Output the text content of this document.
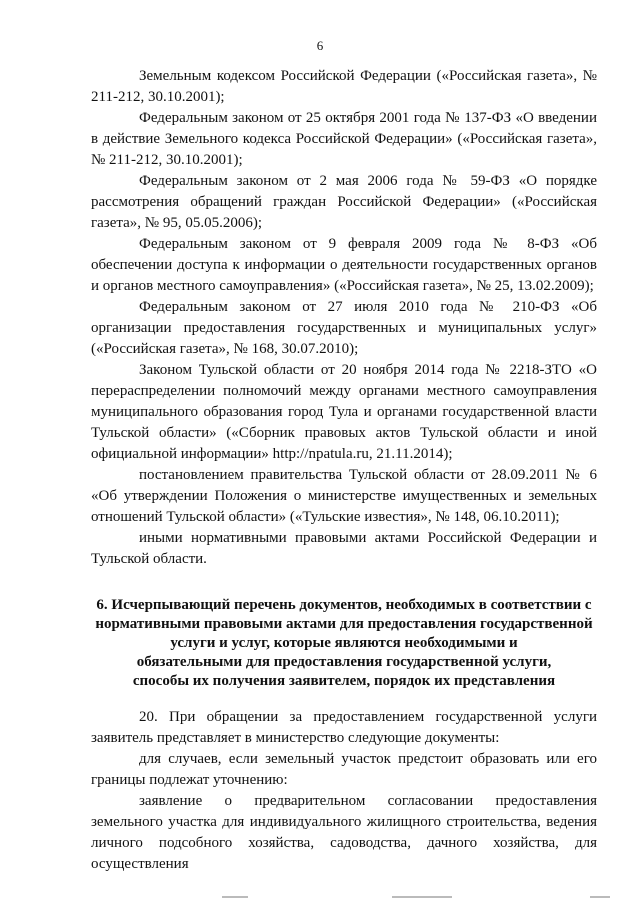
6

Земельным кодексом Российской Федерации («Российская газета», № 211-212, 30.10.2001);

Федеральным законом от 25 октября 2001 года № 137-ФЗ «О введении в действие Земельного кодекса Российской Федерации» («Российская газета», № 211-212, 30.10.2001);

Федеральным законом от 2 мая 2006 года № 59-ФЗ «О порядке рассмотрения обращений граждан Российской Федерации» («Российская газета», № 95, 05.05.2006);

Федеральным законом от 9 февраля 2009 года № 8-ФЗ «Об обеспечении доступа к информации о деятельности государственных органов и органов местного самоуправления» («Российская газета», № 25, 13.02.2009);

Федеральным законом от 27 июля 2010 года № 210-ФЗ «Об организации предоставления государственных и муниципальных услуг» («Российская газета», № 168, 30.07.2010);

Законом Тульской области от 20 ноября 2014 года № 2218-ЗТО «О перераспределении полномочий между органами местного самоуправления муниципального образования город Тула и органами государственной власти Тульской области» («Сборник правовых актов Тульской области и иной официальной информации» http://npatula.ru, 21.11.2014);

постановлением правительства Тульской области от 28.09.2011 № 6 «Об утверждении Положения о министерстве имущественных и земельных отношений Тульской области» («Тульские известия», № 148, 06.10.2011);

иными нормативными правовыми актами Российской Федерации и Тульской области.

6. Исчерпывающий перечень документов, необходимых в соответствии с
нормативными правовыми актами для предоставления государственной
услуги и услуг, которые являются необходимыми и
обязательными для предоставления государственной услуги,
способы их получения заявителем, порядок их представления

20. При обращении за предоставлением государственной услуги заявитель представляет в министерство следующие документы:

для случаев, если земельный участок предстоит образовать или его границы подлежат уточнению:

заявление о предварительном согласовании предоставления земельного участка для индивидуального жилищного строительства, ведения личного подсобного хозяйства, садоводства, дачного хозяйства, для осуществления
